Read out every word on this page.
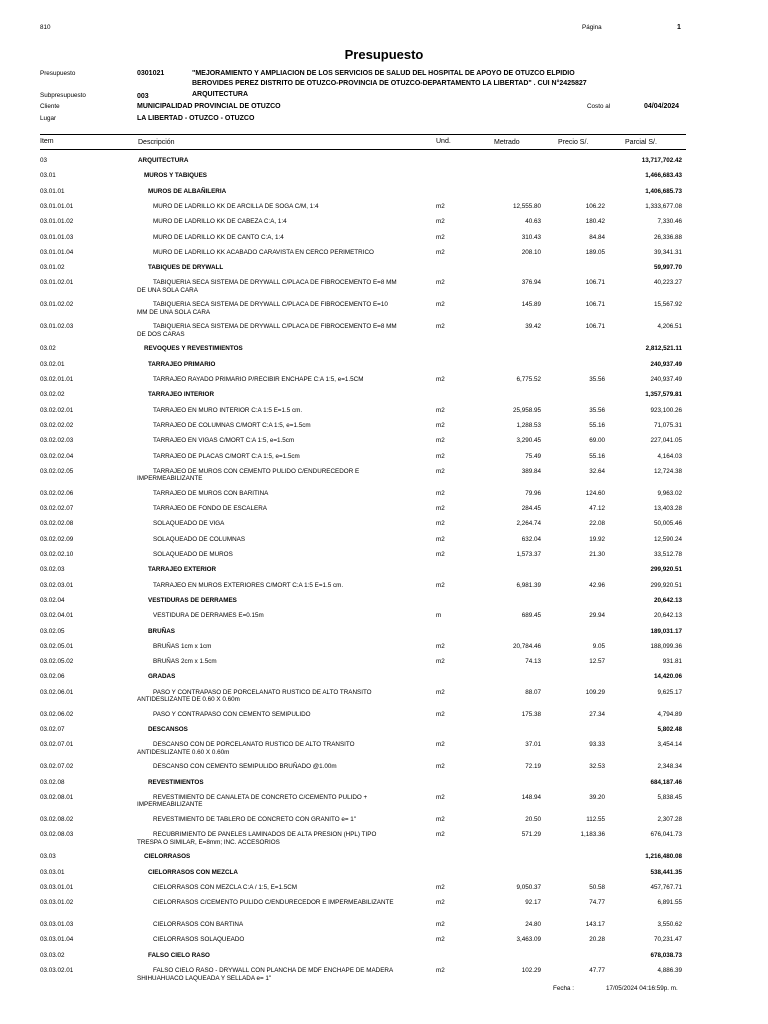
810	Página	1
Presupuesto
Presupuesto	0301021	"MEJORAMIENTO Y AMPLIACION DE LOS SERVICIOS DE SALUD DEL HOSPITAL DE APOYO DE OTUZCO ELPIDIO
BEROVIDES PEREZ DISTRITO DE OTUZCO-PROVINCIA DE OTUZCO-DEPARTAMENTO LA LIBERTAD" . CUI N°2425827
Subpresupuesto	003	ARQUITECTURA
Cliente	MUNICIPALIDAD PROVINCIAL DE OTUZCO	Costo al	04/04/2024
Lugar	LA LIBERTAD - OTUZCO - OTUZCO
Item	Descripción	Und.	Metrado	Precio S/.	Parcial S/.
03	ARQUITECTURA	13,717,702.42
03.01	MUROS Y TABIQUES	1,466,683.43
03.01.01	MUROS DE ALBAÑILERIA	1,406,685.73
03.01.01.01	MURO DE LADRILLO KK DE ARCILLA DE SOGA C/M, 1:4	m2	12,555.80	106.22	1,333,677.08
03.01.01.02	MURO DE LADRILLO KK DE CABEZA C:A, 1:4	m2	40.63	180.42	7,330.46
03.01.01.03	MURO DE LADRILLO KK DE CANTO C:A, 1:4	m2	310.43	84.84	26,336.88
03.01.01.04	MURO DE LADRILLO KK ACABADO CARAVISTA EN CERCO PERIMETRICO	m2	208.10	189.05	39,341.31
03.01.02	TABIQUES DE DRYWALL	59,997.70
03.01.02.01	TABIQUERIA SECA SISTEMA DE DRYWALL C/PLACA DE FIBROCEMENTO E=8 MM DE UNA SOLA CARA
m2	376.94	106.71	40,223.27
03.01.02.02	TABIQUERIA SECA SISTEMA DE DRYWALL C/PLACA DE FIBROCEMENTO E=10 MM DE UNA SOLA CARA
m2	145.89	106.71	15,567.92
03.01.02.03	TABIQUERIA SECA SISTEMA DE DRYWALL C/PLACA DE FIBROCEMENTO E=8 MM DE DOS CARAS
m2	39.42	106.71	4,206.51
03.02	REVOQUES Y REVESTIMIENTOS	2,812,521.11
03.02.01	TARRAJEO PRIMARIO	240,937.49
03.02.01.01	TARRAJEO RAYADO PRIMARIO P/RECIBIR ENCHAPE C:A 1:5, e=1.5CM	m2	6,775.52	35.56	240,937.49
03.02.02	TARRAJEO INTERIOR	1,357,579.81
03.02.02.01	TARRAJEO EN MURO INTERIOR C:A 1:5 E=1.5 cm.	m2	25,958.95	35.56	923,100.26
03.02.02.02	TARRAJEO DE COLUMNAS C/MORT C:A 1:5, e=1.5cm	m2	1,288.53	55.16	71,075.31
03.02.02.03	TARRAJEO EN VIGAS C/MORT C:A 1:5, e=1.5cm	m2	3,290.45	69.00	227,041.05
03.02.02.04	TARRAJEO DE PLACAS C/MORT C:A 1:5, e=1.5cm	m2	75.49	55.16	4,164.03
03.02.02.05	TARRAJEO DE MUROS CON CEMENTO PULIDO C/ENDURECEDOR E IMPERMEABILIZANTE
m2	389.84	32.64	12,724.38
03.02.02.06	TARRAJEO DE MUROS CON BARITINA	m2	79.96	124.60	9,963.02
03.02.02.07	TARRAJEO DE FONDO DE ESCALERA	m2	284.45	47.12	13,403.28
03.02.02.08	SOLAQUEADO DE VIGA	m2	2,264.74	22.08	50,005.46
03.02.02.09	SOLAQUEADO DE COLUMNAS	m2	632.04	19.92	12,590.24
03.02.02.10	SOLAQUEADO DE MUROS	m2	1,573.37	21.30	33,512.78
03.02.03	TARRAJEO EXTERIOR	299,920.51
03.02.03.01	TARRAJEO EN MUROS EXTERIORES C/MORT C:A 1:5 E=1.5 cm.	m2	6,981.39	42.96	299,920.51
03.02.04	VESTIDURAS DE DERRAMES	20,642.13
03.02.04.01	VESTIDURA DE DERRAMES E=0.15m	m	689.45	29.94	20,642.13
03.02.05	BRUÑAS	189,031.17
03.02.05.01	BRUÑAS 1cm x 1cm	m2	20,784.46	9.05	188,099.36
03.02.05.02	BRUÑAS 2cm x 1.5cm	m2	74.13	12.57	931.81
03.02.06	GRADAS	14,420.06
03.02.06.01	PASO Y CONTRAPASO DE PORCELANATO RUSTICO DE ALTO TRANSITO ANTIDESLIZANTE DE 0.60 X 0.60m
m2	88.07	109.29	9,625.17
03.02.06.02	PASO Y CONTRAPASO CON CEMENTO SEMIPULIDO	m2	175.38	27.34	4,794.89
03.02.07	DESCANSOS	5,802.48
03.02.07.01	DESCANSO CON DE PORCELANATO RUSTICO DE ALTO TRANSITO ANTIDESLIZANTE 0.60 X 0.60m
m2	37.01	93.33	3,454.14
03.02.07.02	DESCANSO CON CEMENTO SEMIPULIDO BRUÑADO @1.00m	m2	72.19	32.53	2,348.34
03.02.08	REVESTIMIENTOS	684,187.46
03.02.08.01	REVESTIMIENTO DE CANALETA DE CONCRETO C/CEMENTO PULIDO + IMPERMEABILIZANTE
m2	148.94	39.20	5,838.45
03.02.08.02	REVESTIMIENTO DE TABLERO DE CONCRETO CON GRANITO e= 1"	m2	20.50	112.55	2,307.28
03.02.08.03	RECUBRIMIENTO DE PANELES LAMINADOS DE ALTA PRESION (HPL) TIPO TRESPA O SIMILAR, E=8mm; INC. ACCESORIOS
m2	571.29	1,183.36	676,041.73
03.03	CIELORRASOS	1,216,480.08
03.03.01	CIELORRASOS CON MEZCLA	538,441.35
03.03.01.01	CIELORRASOS CON MEZCLA C:A / 1:5, E=1.5CM	m2	9,050.37	50.58	457,767.71
03.03.01.02	CIELORRASOS C/CEMENTO PULIDO C/ENDURECEDOR E IMPERMEABILIZANTE	m2	92.17	74.77	6,891.55
03.03.01.03	CIELORRASOS CON BARTINA	m2	24.80	143.17	3,550.62
03.03.01.04	CIELORRASOS SOLAQUEADO	m2	3,463.09	20.28	70,231.47
03.03.02	FALSO CIELO RASO	678,038.73
03.03.02.01	FALSO CIELO RASO - DRYWALL CON PLANCHA DE MDF ENCHAPE DE MADERA SHIHUAHUACO LAQUEADA Y SELLADA e= 1"
m2	102.29	47.77	4,886.39
Fecha :	17/05/2024 04:16:59p. m.
